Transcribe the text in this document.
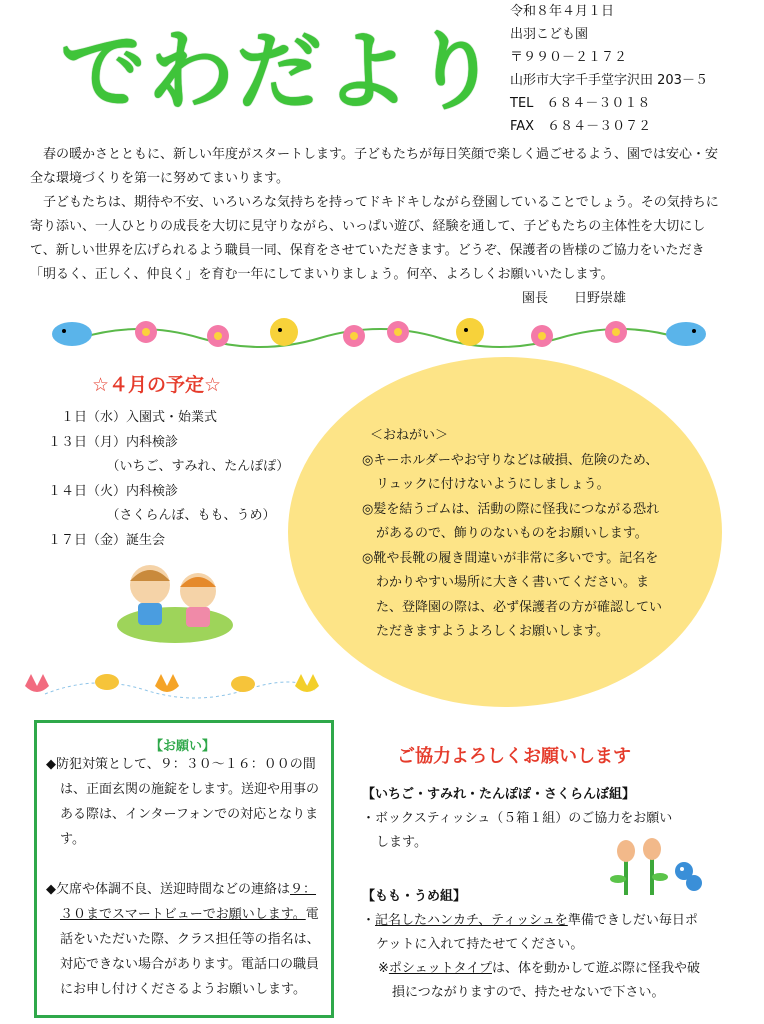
でわだより
令和８年４月１日
出羽こども園
〒９９０－２１７２
山形市大字千手堂字沢田 203－５
TEL　６８４－３０１８
FAX　６８４－３０７２

春の暖かさとともに、新しい年度がスタートします。子どもたちが毎日笑顔で楽しく過ごせるよう、園では安心・安全な環境づくりを第一に努めてまいります。

子どもたちは、期待や不安、いろいろな気持ちを持ってドキドキしながら登園していることでしょう。その気持ちに寄り添い、一人ひとりの成長を大切に見守りながら、いっぱい遊び、経験を通して、子どもたちの主体性を大切にして、新しい世界を広げられるよう職員一同、保育をさせていただきます。どうぞ、保護者の皆様のご協力をいただき「明るく、正しく、仲良く」を育む一年にしてまいりましょう。何卒、よろしくお願いいたします。

園長　　日野崇雄
☆４月の予定☆
　１日（水）入園式・始業式
１３日（月）内科検診
　　　　　（いちご、すみれ、たんぽぽ）
１４日（火）内科検診
　　　　　（さくらんぼ、もも、うめ）
１７日（金）誕生会
＜おねがい＞
◎キーホルダーやお守りなどは破損、危険のため、リュックに付けないようにしましょう。
◎髪を結うゴムは、活動の際に怪我につながる恐れがあるので、飾りのないものをお願いします。
◎靴や長靴の履き間違いが非常に多いです。記名をわかりやすい場所に大きく書いてください。また、登降園の際は、必ず保護者の方が確認していただきますようよろしくお願いします。
【お願い】
◆防犯対策として、９：３０～１６：００の間は、正面玄関の施錠をします。送迎や用事のある際は、インターフォンでの対応となります。
◆欠席や体調不良、送迎時間などの連絡は９：３０までスマートビューでお願いします。電話をいただいた際、クラス担任等の指名は、対応できない場合があります。電話口の職員にお申し付けくださるようお願いします。
ご協力よろしくお願いします
【いちご・すみれ・たんぽぽ・さくらんぼ組】
・ボックスティッシュ（５箱１組）のご協力をお願いします。
【もも・うめ組】
・記名したハンカチ、ティッシュを準備できしだい毎日ポケットに入れて持たせてください。
※ポシェットタイプは、体を動かして遊ぶ際に怪我や破損につながりますので、持たせないで下さい。
